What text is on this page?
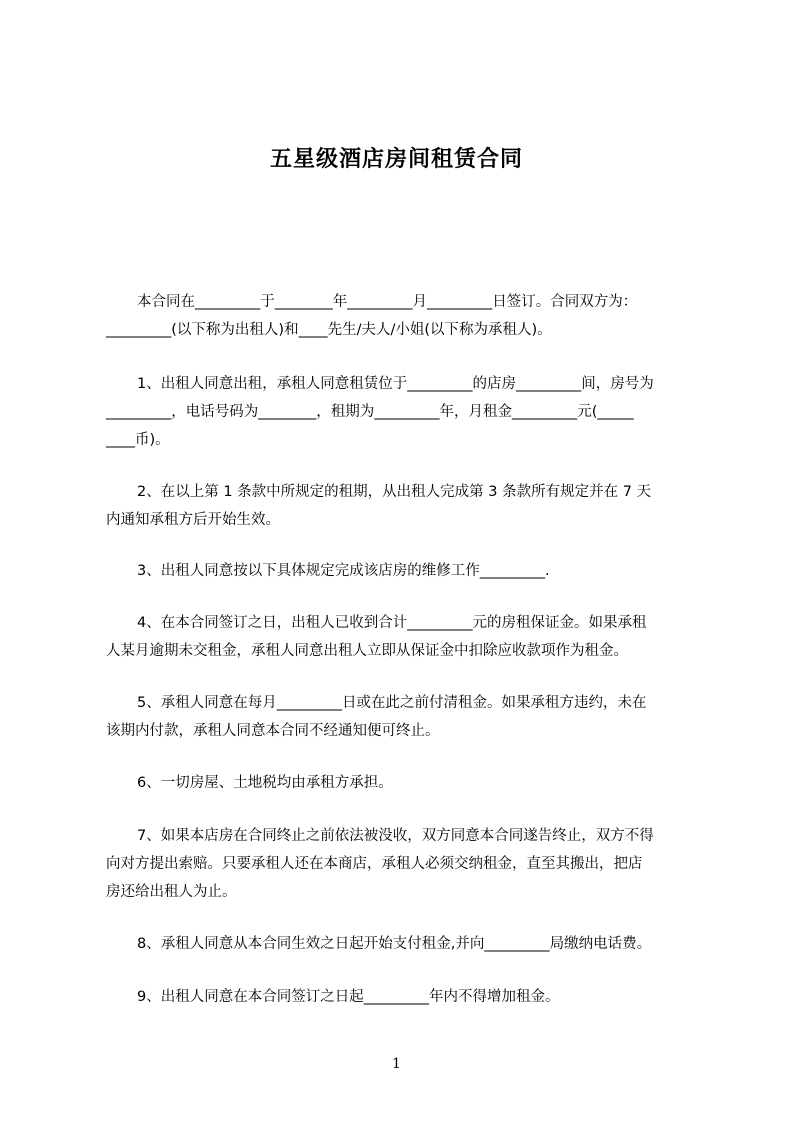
五星级酒店房间租赁合同
本合同在_________于________年_________月_________日签订。合同双方为：
_________(以下称为出租人)和____先生/夫人/小姐(以下称为承租人)。
1、出租人同意出租，承租人同意租赁位于_________的店房_________间，房号为
_________，电话号码为________，租期为_________年，月租金_________元(_____
____币)。
2、在以上第 1 条款中所规定的租期，从出租人完成第 3 条款所有规定并在 7 天
内通知承租方后开始生效。
3、出租人同意按以下具体规定完成该店房的维修工作_________.
4、在本合同签订之日，出租人已收到合计_________元的房租保证金。如果承租
人某月逾期未交租金，承租人同意出租人立即从保证金中扣除应收款项作为租金。
5、承租人同意在每月_________日或在此之前付清租金。如果承租方违约，未在
该期内付款，承租人同意本合同不经通知便可终止。
6、一切房屋、土地税均由承租方承担。
7、如果本店房在合同终止之前依法被没收，双方同意本合同遂告终止，双方不得
向对方提出索赔。只要承租人还在本商店，承租人必须交纳租金，直至其搬出，把店
房还给出租人为止。
8、承租人同意从本合同生效之日起开始支付租金,并向_________局缴纳电话费。
9、出租人同意在本合同签订之日起_________年内不得增加租金。
1
